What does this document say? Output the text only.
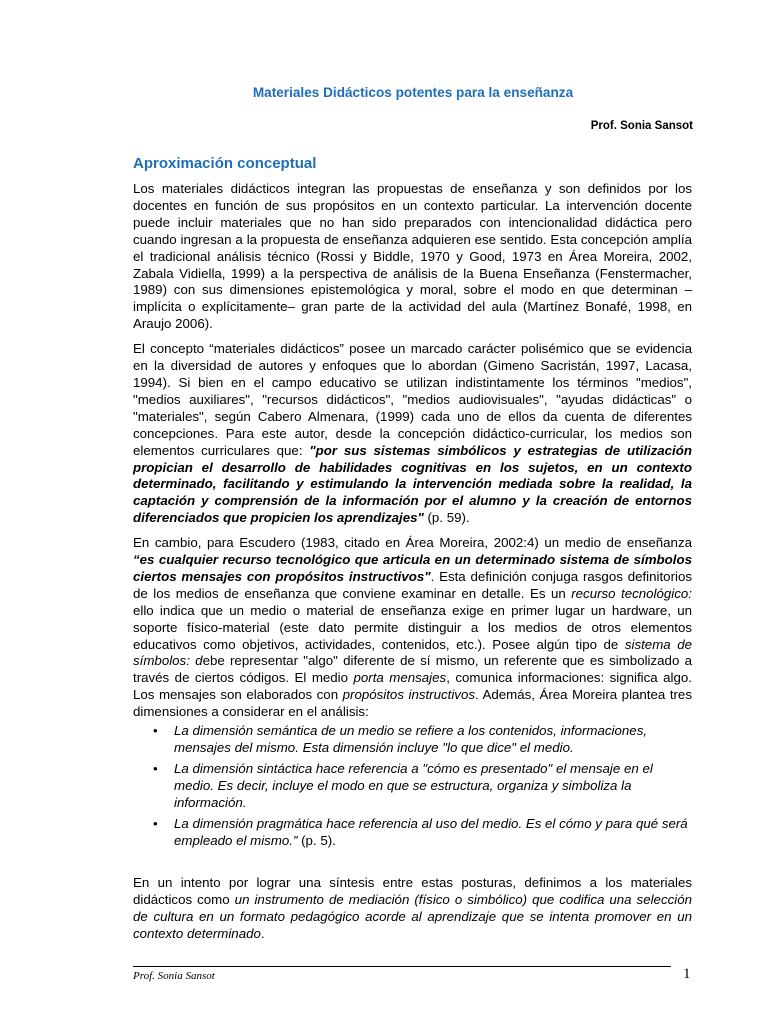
Materiales Didácticos potentes para la enseñanza

Prof. Sonia Sansot

Aproximación conceptual

Los materiales didácticos integran las propuestas de enseñanza y son definidos por los docentes en función de sus propósitos en un contexto particular. La intervención docente puede incluir materiales que no han sido preparados con intencionalidad didáctica pero cuando ingresan a la propuesta de enseñanza adquieren ese sentido. Esta concepción amplía el tradicional análisis técnico (Rossi y Biddle, 1970 y Good, 1973 en Área Moreira, 2002, Zabala Vidiella, 1999) a la perspectiva de análisis de la Buena Enseñanza (Fenstermacher, 1989) con sus dimensiones epistemológica y moral, sobre el modo en que determinan –implícita o explícitamente– gran parte de la actividad del aula (Martínez Bonafé, 1998, en Araujo 2006).

El concepto “materiales didácticos” posee un marcado carácter polisémico que se evidencia en la diversidad de autores y enfoques que lo abordan (Gimeno Sacristán, 1997, Lacasa, 1994). Si bien en el campo educativo se utilizan indistintamente los términos "medios", "medios auxiliares", "recursos didácticos", "medios audiovisuales", "ayudas didácticas" o "materiales", según Cabero Almenara, (1999) cada uno de ellos da cuenta de diferentes concepciones. Para este autor, desde la concepción didáctico-curricular, los medios son elementos curriculares que: "por sus sistemas simbólicos y estrategias de utilización propician el desarrollo de habilidades cognitivas en los sujetos, en un contexto determinado, facilitando y estimulando la intervención mediada sobre la realidad, la captación y comprensión de la información por el alumno y la creación de entornos diferenciados que propicien los aprendizajes" (p. 59).

En cambio, para Escudero (1983, citado en Área Moreira, 2002:4) un medio de enseñanza “es cualquier recurso tecnológico que articula en un determinado sistema de símbolos ciertos mensajes con propósitos instructivos". Esta definición conjuga rasgos definitorios de los medios de enseñanza que conviene examinar en detalle. Es un recurso tecnológico: ello indica que un medio o material de enseñanza exige en primer lugar un hardware, un soporte físico-material (este dato permite distinguir a los medios de otros elementos educativos como objetivos, actividades, contenidos, etc.). Posee algún tipo de sistema de símbolos: debe representar "algo" diferente de sí mismo, un referente que es simbolizado a través de ciertos códigos. El medio porta mensajes, comunica informaciones: significa algo. Los mensajes son elaborados con propósitos instructivos. Además, Área Moreira plantea tres dimensiones a considerar en el análisis:

• La dimensión semántica de un medio se refiere a los contenidos, informaciones, mensajes del mismo. Esta dimensión incluye "lo que dice" el medio.
• La dimensión sintáctica hace referencia a "cómo es presentado" el mensaje en el medio. Es decir, incluye el modo en que se estructura, organiza y simboliza la información.
• La dimensión pragmática hace referencia al uso del medio. Es el cómo y para qué será empleado el mismo.” (p. 5).

En un intento por lograr una síntesis entre estas posturas, definimos a los materiales didácticos como un instrumento de mediación (físico o simbólico) que codifica una selección de cultura en un formato pedagógico acorde al aprendizaje que se intenta promover en un contexto determinado.

Prof. Sonia Sansot	1
